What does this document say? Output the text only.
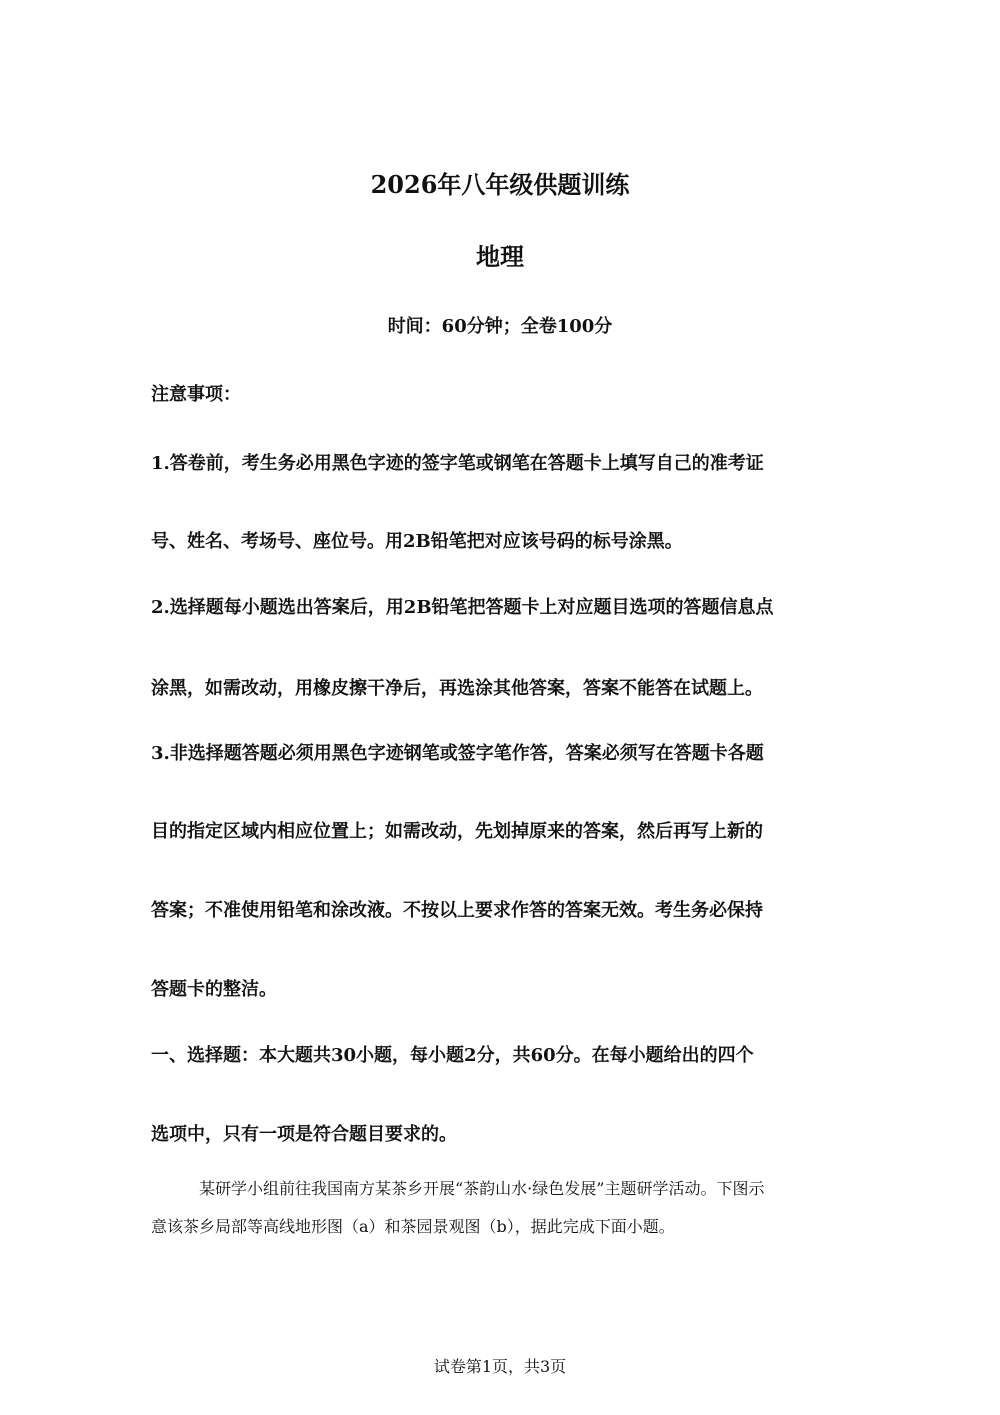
2026年八年级供题训练
地理
时间：60分钟；全卷100分
注意事项：
1.答卷前，考生务必用黑色字迹的签字笔或钢笔在答题卡上填写自己的准考证
号、姓名、考场号、座位号。用2B铅笔把对应该号码的标号涂黑。
2.选择题每小题选出答案后，用2B铅笔把答题卡上对应题目选项的答题信息点
涂黑，如需改动，用橡皮擦干净后，再选涂其他答案，答案不能答在试题上。
3.非选择题答题必须用黑色字迹钢笔或签字笔作答，答案必须写在答题卡各题
目的指定区域内相应位置上；如需改动，先划掉原来的答案，然后再写上新的
答案；不准使用铅笔和涂改液。不按以上要求作答的答案无效。考生务必保持
答题卡的整洁。
一、选择题：本大题共30小题，每小题2分，共60分。在每小题给出的四个
选项中，只有一项是符合题目要求的。
某研学小组前往我国南方某茶乡开展“茶韵山水·绿色发展”主题研学活动。下图示
意该茶乡局部等高线地形图（a）和茶园景观图（b），据此完成下面小题。
试卷第1页，共3页
